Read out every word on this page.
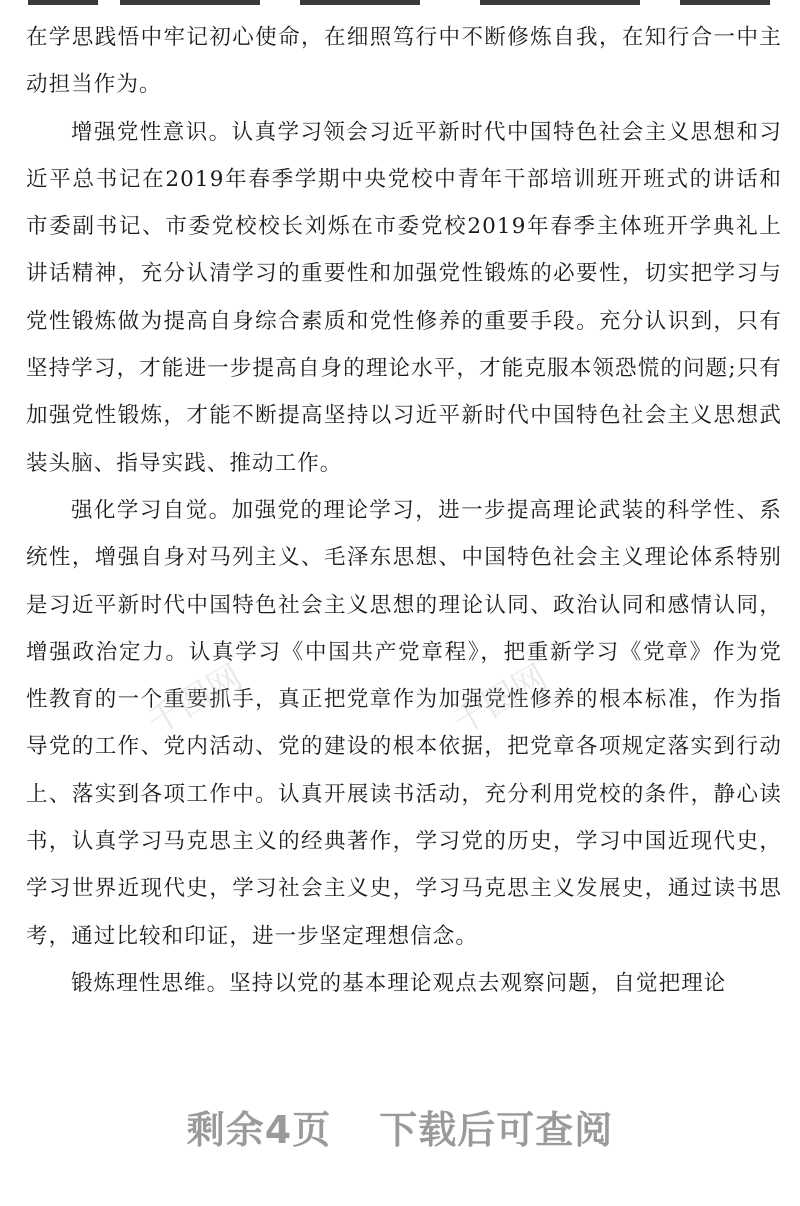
在学思践悟中牢记初心使命，在细照笃行中不断修炼自我，在知行合一中主动担当作为。

增强党性意识。认真学习领会习近平新时代中国特色社会主义思想和习近平总书记在2019年春季学期中央党校中青年干部培训班开班式的讲话和市委副书记、市委党校校长刘烁在市委党校2019年春季主体班开学典礼上讲话精神，充分认清学习的重要性和加强党性锻炼的必要性，切实把学习与党性锻炼做为提高自身综合素质和党性修养的重要手段。充分认识到，只有坚持学习，才能进一步提高自身的理论水平，才能克服本领恐慌的问题;只有加强党性锻炼，才能不断提高坚持以习近平新时代中国特色社会主义思想武装头脑、指导实践、推动工作。

强化学习自觉。加强党的理论学习，进一步提高理论武装的科学性、系统性，增强自身对马列主义、毛泽东思想、中国特色社会主义理论体系特别是习近平新时代中国特色社会主义思想的理论认同、政治认同和感情认同，增强政治定力。认真学习《中国共产党章程》，把重新学习《党章》作为党性教育的一个重要抓手，真正把党章作为加强党性修养的根本标准，作为指导党的工作、党内活动、党的建设的根本依据，把党章各项规定落实到行动上、落实到各项工作中。认真开展读书活动，充分利用党校的条件，静心读书，认真学习马克思主义的经典著作，学习党的历史，学习中国近现代史，学习世界近现代史，学习社会主义史，学习马克思主义发展史，通过读书思考，通过比较和印证，进一步坚定理想信念。

锻炼理性思维。坚持以党的基本理论观点去观察问题，自觉把理论

千图网	千图网
剩余4页 下载后可查阅
